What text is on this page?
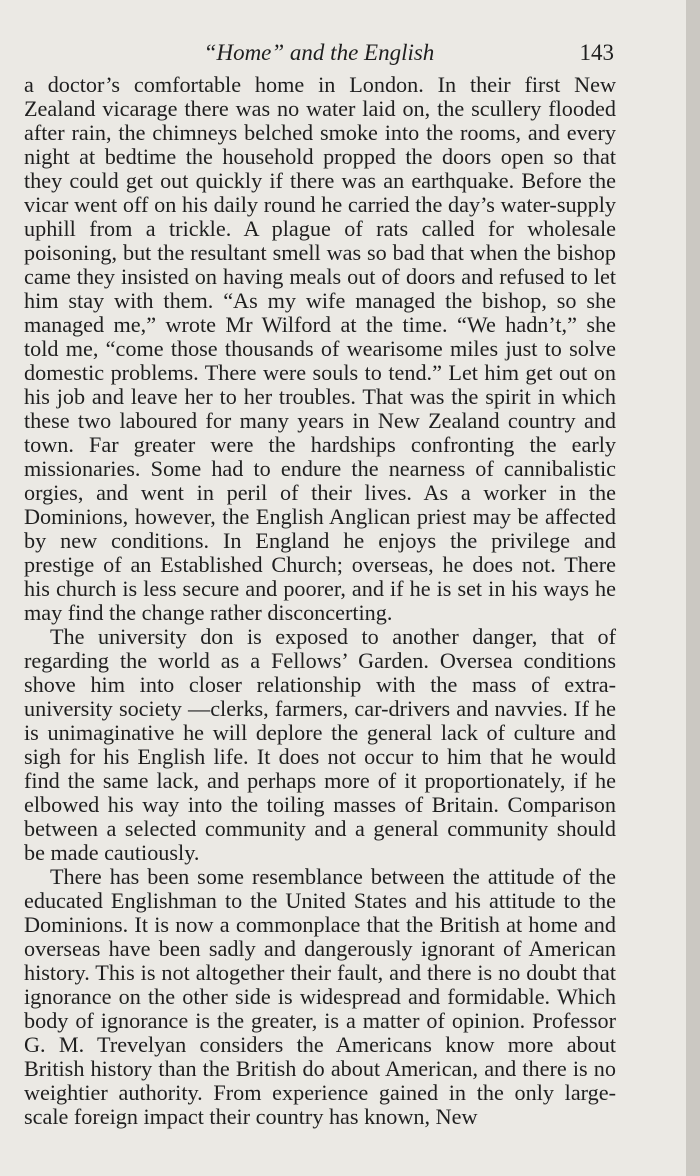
“Home” and the English	143

a doctor’s comfortable home in London. In their first New Zealand vicarage there was no water laid on, the scullery flooded after rain, the chimneys belched smoke into the rooms, and every night at bedtime the household propped the doors open so that they could get out quickly if there was an earthquake. Before the vicar went off on his daily round he carried the day’s water-supply uphill from a trickle. A plague of rats called for wholesale poisoning, but the resultant smell was so bad that when the bishop came they insisted on having meals out of doors and refused to let him stay with them. “As my wife managed the bishop, so she managed me,” wrote Mr Wilford at the time. “We hadn’t,” she told me, “come those thousands of wearisome miles just to solve domestic problems. There were souls to tend.” Let him get out on his job and leave her to her troubles. That was the spirit in which these two laboured for many years in New Zealand country and town. Far greater were the hardships confronting the early missionaries. Some had to endure the nearness of cannibalistic orgies, and went in peril of their lives. As a worker in the Dominions, however, the English Anglican priest may be affected by new conditions. In England he enjoys the privilege and prestige of an Established Church; overseas, he does not. There his church is less secure and poorer, and if he is set in his ways he may find the change rather disconcerting.

The university don is exposed to another danger, that of regarding the world as a Fellows’ Garden. Oversea conditions shove him into closer relationship with the mass of extra-university society —clerks, farmers, car-drivers and navvies. If he is unimaginative he will deplore the general lack of culture and sigh for his English life. It does not occur to him that he would find the same lack, and perhaps more of it proportionately, if he elbowed his way into the toiling masses of Britain. Comparison between a selected community and a general community should be made cautiously.

There has been some resemblance between the attitude of the educated Englishman to the United States and his attitude to the Dominions. It is now a commonplace that the British at home and overseas have been sadly and dangerously ignorant of American history. This is not altogether their fault, and there is no doubt that ignorance on the other side is widespread and formidable. Which body of ignorance is the greater, is a matter of opinion. Professor G. M. Trevelyan considers the Americans know more about British history than the British do about American, and there is no weightier authority. From experience gained in the only large-scale foreign impact their country has known, New
